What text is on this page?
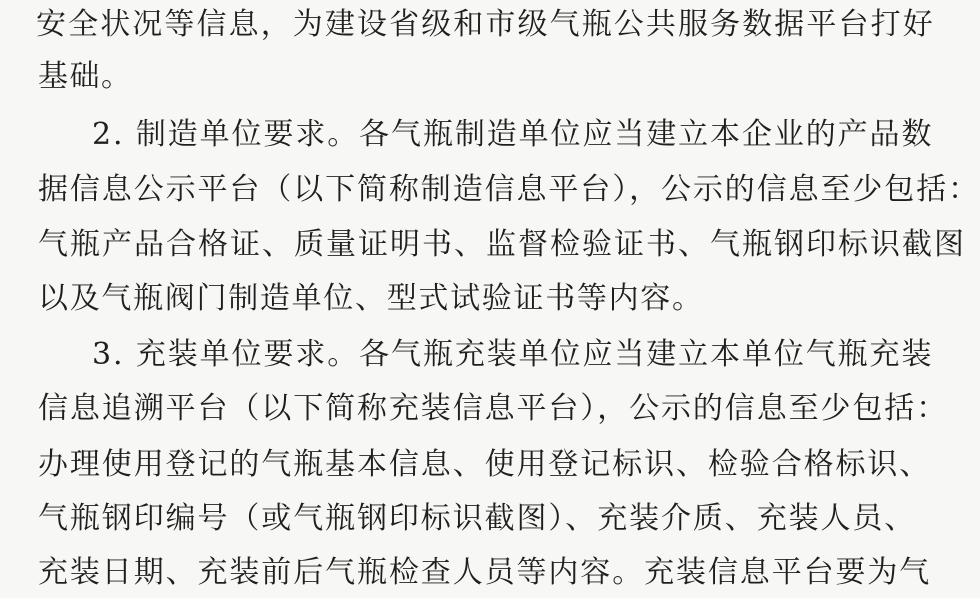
安全状况等信息，为建设省级和市级气瓶公共服务数据平台打好
基础。
2. 制造单位要求。各气瓶制造单位应当建立本企业的产品数
据信息公示平台（以下简称制造信息平台），公示的信息至少包括：
气瓶产品合格证、质量证明书、监督检验证书、气瓶钢印标识截图
以及气瓶阀门制造单位、型式试验证书等内容。
3. 充装单位要求。各气瓶充装单位应当建立本单位气瓶充装
信息追溯平台（以下简称充装信息平台），公示的信息至少包括：
办理使用登记的气瓶基本信息、使用登记标识、检验合格标识、
气瓶钢印编号（或气瓶钢印标识截图）、充装介质、充装人员、
充装日期、充装前后气瓶检查人员等内容。充装信息平台要为气
